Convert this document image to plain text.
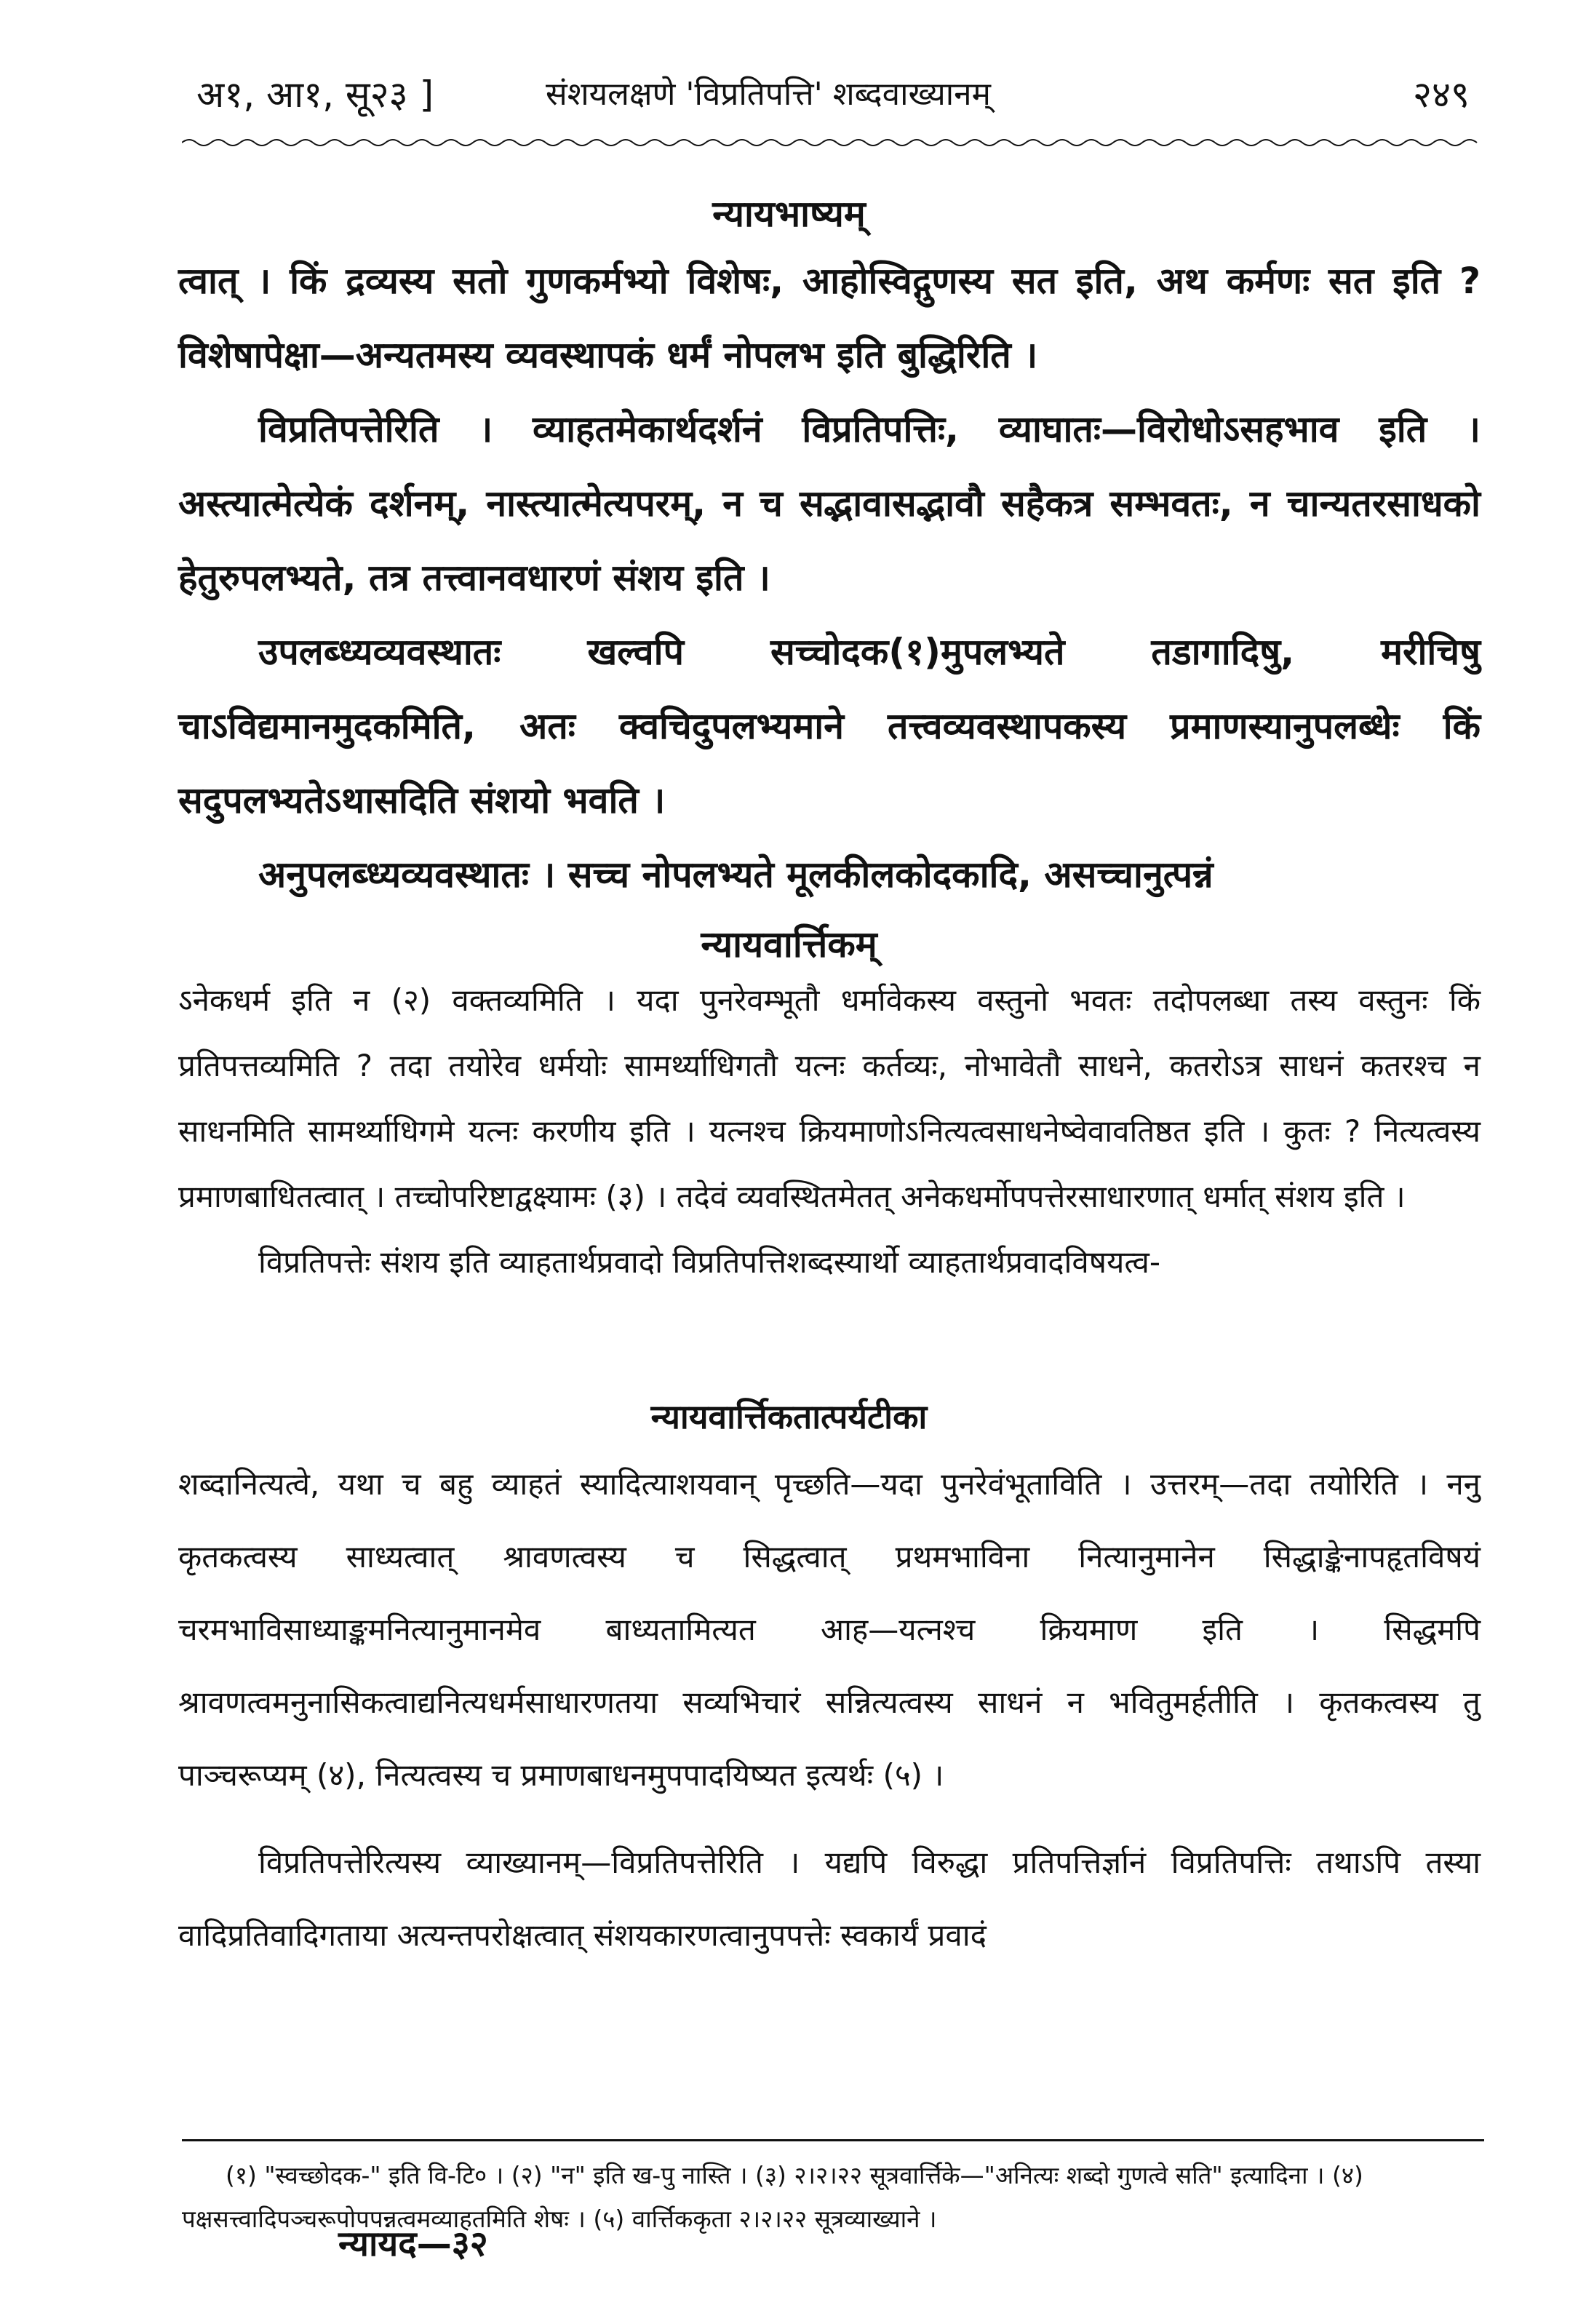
अ१, आ१, सू२३ ]	संशयलक्षणे 'विप्रतिपत्ति' शब्दवाख्यानम्	२४९
न्यायभाष्यम्

त्वात् । किं द्रव्यस्य सतो गुणकर्मभ्यो विशेषः, आहोस्विद्गुणस्य सत इति, अथ कर्मणः सत इति ? विशेषापेक्षा—अन्यतमस्य व्यवस्थापकं धर्मं नोपलभ इति बुद्धिरिति ।

विप्रतिपत्तेरिति । व्याहतमेकार्थदर्शनं विप्रतिपत्तिः, व्याघातः—विरोधोऽसहभाव इति । अस्त्यात्मेत्येकं दर्शनम्, नास्त्यात्मेत्यपरम्, न च सद्भावासद्भावौ सहैकत्र सम्भवतः, न चान्यतरसाधको हेतुरुपलभ्यते, तत्र तत्त्वानवधारणं संशय इति ।

उपलब्ध्यव्यवस्थातः खल्वपि सच्चोदक(१)मुपलभ्यते तडागादिषु, मरीचिषु चाऽविद्यमानमुदकमिति, अतः क्वचिदुपलभ्यमाने तत्त्वव्यवस्थापकस्य प्रमाणस्यानुपलब्धेः किं सदुपलभ्यतेऽथासदिति संशयो भवति ।

अनुपलब्ध्यव्यवस्थातः । सच्च नोपलभ्यते मूलकीलकोदकादि, असच्चानुत्पन्नं

न्यायवार्त्तिकम्

ऽनेकधर्म इति न (२) वक्तव्यमिति । यदा पुनरेवम्भूतौ धर्मावेकस्य वस्तुनो भवतः तदोपलब्धा तस्य वस्तुनः किं प्रतिपत्तव्यमिति ? तदा तयोरेव धर्मयोः सामर्थ्याधिगतौ यत्नः कर्तव्यः, नोभावेतौ साधने, कतरोऽत्र साधनं कतरश्च न साधनमिति सामर्थ्याधिगमे यत्नः करणीय इति । यत्नश्च क्रियमाणोऽनित्यत्वसाधनेष्वेवावतिष्ठत इति । कुतः ? नित्यत्वस्य प्रमाणबाधितत्वात् । तच्चोपरिष्टाद्वक्ष्यामः (३) । तदेवं व्यवस्थितमेतत् अनेकधर्मोपपत्तेरसाधारणात् धर्मात् संशय इति ।

विप्रतिपत्तेः संशय इति व्याहतार्थप्रवादो विप्रतिपत्तिशब्दस्यार्थो व्याहतार्थप्रवादविषयत्व-

न्यायवार्त्तिकतात्पर्यटीका

शब्दानित्यत्वे, यथा च बहु व्याहतं स्यादित्याशयवान् पृच्छति—यदा पुनरेवंभूताविति । उत्तरम्—तदा तयोरिति । ननु कृतकत्वस्य साध्यत्वात् श्रावणत्वस्य च सिद्धत्वात् प्रथमभाविना नित्यानुमानेन सिद्धाङ्केनापहृतविषयं चरमभाविसाध्याङ्कमनित्यानुमानमेव बाध्यतामित्यत आह—यत्नश्च क्रियमाण इति । सिद्धमपि श्रावणत्वमनुनासिकत्वाद्यनित्यधर्मसाधारणतया सव्यभिचारं सन्नित्यत्वस्य साधनं न भवितुमर्हतीति । कृतकत्वस्य तु पाञ्चरूप्यम् (४), नित्यत्वस्य च प्रमाणबाधनमुपपादयिष्यत इत्यर्थः (५) ।

विप्रतिपत्तेरित्यस्य व्याख्यानम्—विप्रतिपत्तेरिति । यद्यपि विरुद्धा प्रतिपत्तिर्ज्ञानं विप्रतिपत्तिः तथाऽपि तस्या वादिप्रतिवादिगताया अत्यन्तपरोक्षत्वात् संशयकारणत्वानुपपत्तेः स्वकार्यं प्रवादं

(१) "स्वच्छोदक-" इति वि-टि० । (२) "न" इति ख-पु नास्ति । (३) २।२।२२ सूत्रवार्त्तिके—"अनित्यः शब्दो गुणत्वे सति" इत्यादिना । (४) पक्षसत्त्वादिपञ्चरूपोपपन्नत्वमव्याहतमिति शेषः । (५) वार्त्तिककृता २।२।२२ सूत्रव्याख्याने ।

न्यायद—३२
